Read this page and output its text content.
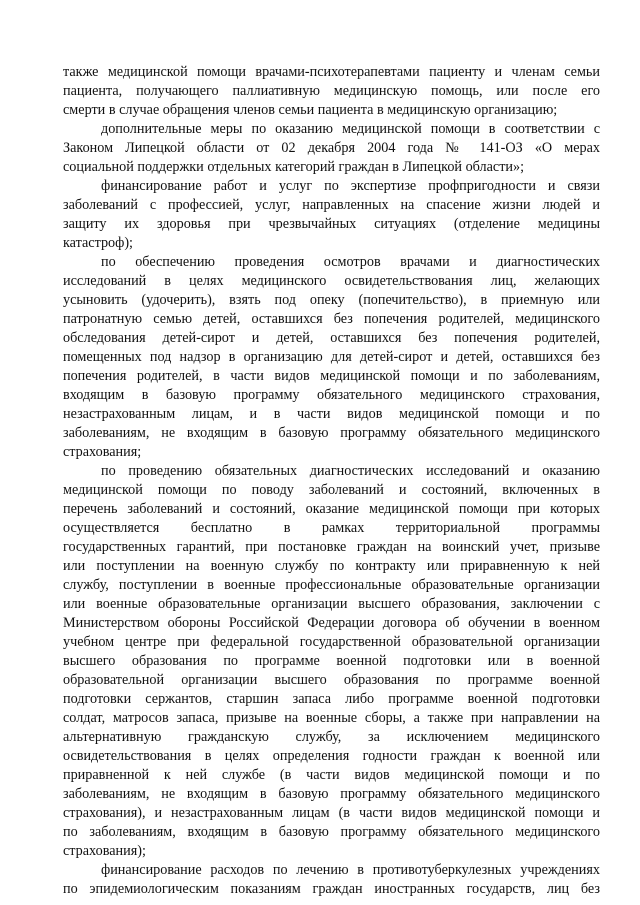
также медицинской помощи врачами-психотерапевтами пациенту и членам семьи
пациента, получающего паллиативную медицинскую помощь, или после его
смерти в случае обращения членов семьи пациента в медицинскую организацию;
дополнительные меры по оказанию медицинской помощи в соответствии с
Законом Липецкой области от 02 декабря 2004 года № 141-ОЗ «О мерах
социальной поддержки отдельных категорий граждан в Липецкой области»;
финансирование работ и услуг по экспертизе профпригодности и связи
заболеваний с профессией, услуг, направленных на спасение жизни людей и
защиту их здоровья при чрезвычайных ситуациях (отделение медицины
катастроф);
по обеспечению проведения осмотров врачами и диагностических
исследований в целях медицинского освидетельствования лиц, желающих
усыновить (удочерить), взять под опеку (попечительство), в приемную или
патронатную семью детей, оставшихся без попечения родителей, медицинского
обследования детей-сирот и детей, оставшихся без попечения родителей,
помещенных под надзор в организацию для детей-сирот и детей, оставшихся без
попечения родителей, в части видов медицинской помощи и по заболеваниям,
входящим в базовую программу обязательного медицинского страхования,
незастрахованным лицам, и в части видов медицинской помощи и по
заболеваниям, не входящим в базовую программу обязательного медицинского
страхования;
по проведению обязательных диагностических исследований и оказанию
медицинской помощи по поводу заболеваний и состояний, включенных в
перечень заболеваний и состояний, оказание медицинской помощи при которых
осуществляется бесплатно в рамках территориальной программы
государственных гарантий, при постановке граждан на воинский учет, призыве
или поступлении на военную службу по контракту или приравненную к ней
службу, поступлении в военные профессиональные образовательные организации
или военные образовательные организации высшего образования, заключении с
Министерством обороны Российской Федерации договора об обучении в военном
учебном центре при федеральной государственной образовательной организации
высшего образования по программе военной подготовки или в военной
образовательной организации высшего образования по программе военной
подготовки сержантов, старшин запаса либо программе военной подготовки
солдат, матросов запаса, призыве на военные сборы, а также при направлении на
альтернативную гражданскую службу, за исключением медицинского
освидетельствования в целях определения годности граждан к военной или
приравненной к ней службе (в части видов медицинской помощи и по
заболеваниям, не входящим в базовую программу обязательного медицинского
страхования), и незастрахованным лицам (в части видов медицинской помощи и
по заболеваниям, входящим в базовую программу обязательного медицинского
страхования);
финансирование расходов по лечению в противотуберкулезных учреждениях
по эпидемиологическим показаниям граждан иностранных государств, лиц без
